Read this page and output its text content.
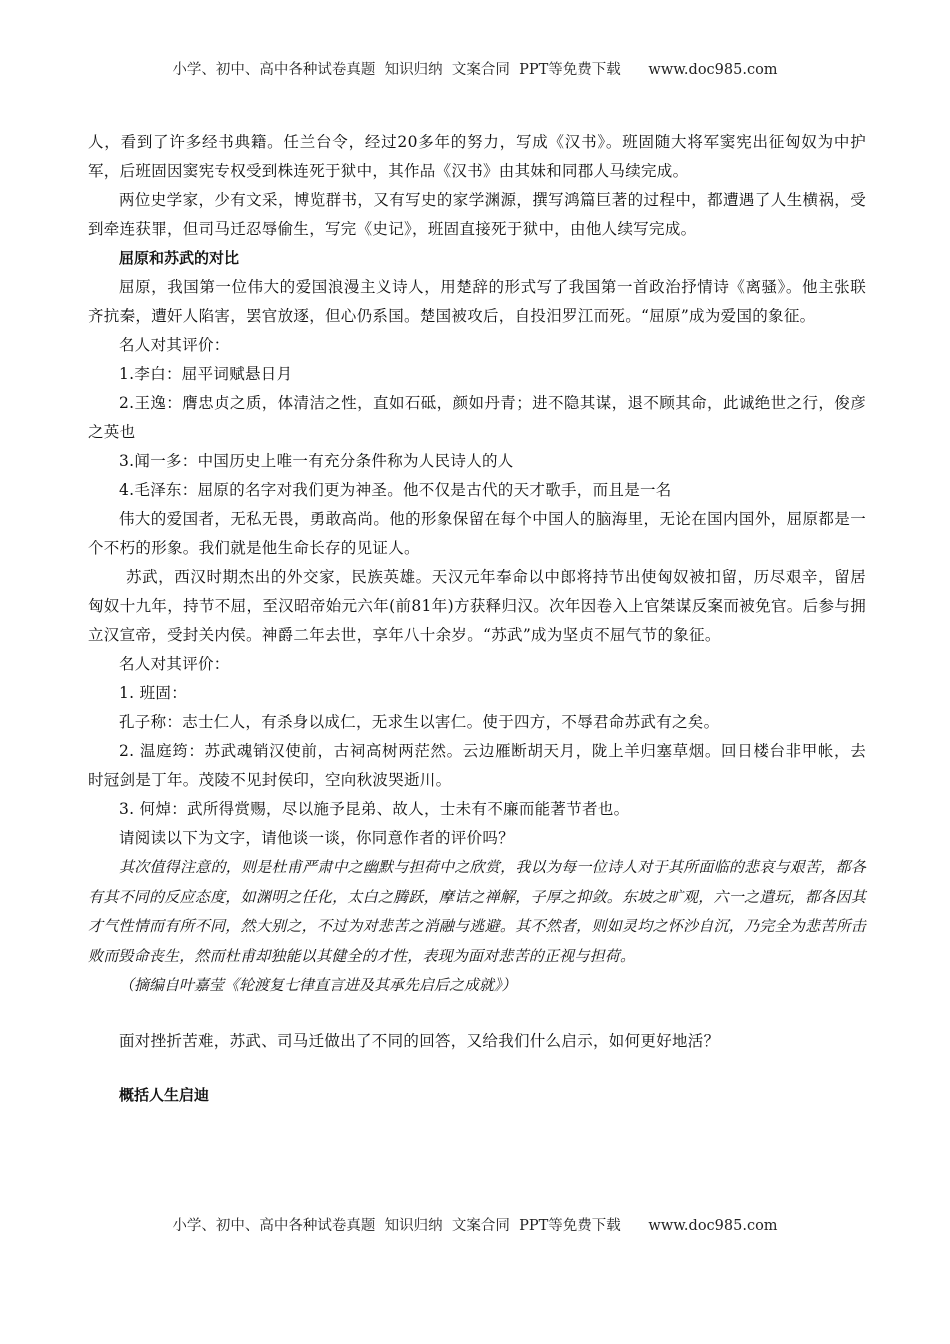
小学、初中、高中各种试卷真题  知识归纳  文案合同  PPT等免费下载      www.doc985.com

人，看到了许多经书典籍。任兰台令，经过20多年的努力，写成《汉书》。班固随大将军窦宪出征匈奴为中护军，后班固因窦宪专权受到株连死于狱中，其作品《汉书》由其妹和同郡人马续完成。

两位史学家，少有文采，博览群书，又有写史的家学渊源，撰写鸿篇巨著的过程中，都遭遇了人生横祸，受到牵连获罪，但司马迁忍辱偷生，写完《史记》，班固直接死于狱中，由他人续写完成。

屈原和苏武的对比

屈原，我国第一位伟大的爱国浪漫主义诗人，用楚辞的形式写了我国第一首政治抒情诗《离骚》。他主张联齐抗秦，遭奸人陷害，罢官放逐，但心仍系国。楚国被攻后，自投汨罗江而死。“屈原”成为爱国的象征。

名人对其评价：

1.李白：屈平词赋悬日月

2.王逸：膺忠贞之质，体清洁之性，直如石砥，颜如丹青；进不隐其谋，退不顾其命，此诚绝世之行，俊彦之英也

3.闻一多：中国历史上唯一有充分条件称为人民诗人的人

4.毛泽东：屈原的名字对我们更为神圣。他不仅是古代的天才歌手，而且是一名

伟大的爱国者，无私无畏，勇敢高尚。他的形象保留在每个中国人的脑海里，无论在国内国外，屈原都是一个不朽的形象。我们就是他生命长存的见证人。

苏武，西汉时期杰出的外交家，民族英雄。天汉元年奉命以中郎将持节出使匈奴被扣留，历尽艰辛，留居匈奴十九年，持节不屈，至汉昭帝始元六年(前81年)方获释归汉。次年因卷入上官桀谋反案而被免官。后参与拥立汉宣帝，受封关内侯。神爵二年去世，享年八十余岁。“苏武”成为坚贞不屈气节的象征。

名人对其评价：

1. 班固：

孔子称：志士仁人，有杀身以成仁，无求生以害仁。使于四方，不辱君命苏武有之矣。

2. 温庭筠：苏武魂销汉使前，古祠高树两茫然。云边雁断胡天月，陇上羊归塞草烟。回日楼台非甲帐，去时冠剑是丁年。茂陵不见封侯印，空向秋波哭逝川。

3. 何焯：武所得赏赐，尽以施予昆弟、故人，士未有不廉而能著节者也。

请阅读以下为文字，请他谈一谈，你同意作者的评价吗？

其次值得注意的，则是杜甫严肃中之幽默与担荷中之欣赏，我以为每一位诗人对于其所面临的悲哀与艰苦，都各有其不同的反应态度，如渊明之任化，太白之腾跃，摩诘之禅解，子厚之抑敛。东坡之旷观，六一之遣玩，都各因其才气性情而有所不同，然大别之，不过为对悲苦之消融与逃避。其不然者，则如灵均之怀沙自沉，乃完全为悲苦所击败而毁命丧生，然而杜甫却独能以其健全的才性，表现为面对悲苦的正视与担荷。

（摘编自叶嘉莹《轮渡复七律直言进及其承先启后之成就》）

面对挫折苦难，苏武、司马迁做出了不同的回答，又给我们什么启示，如何更好地活？

概括人生启迪

小学、初中、高中各种试卷真题  知识归纳  文案合同  PPT等免费下载      www.doc985.com
